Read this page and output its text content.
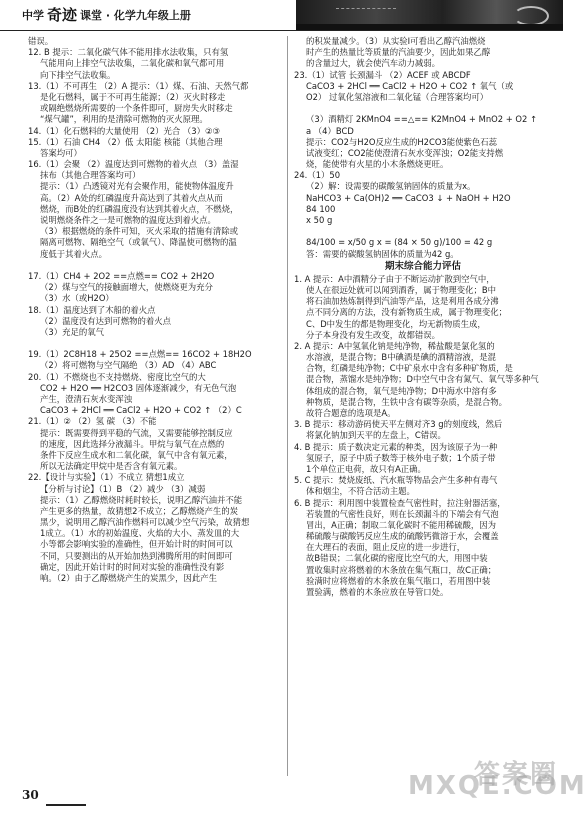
中学 奇迹 课堂 · 化学九年级上册
错误。
12. B 提示：二氧化碳气体不能用排水法收集，只有氢
气能用向上排空气法收集，二氧化碳和氧气都可用
向下排空气法收集。
13.（1）不可再生 （2）A 提示：（1）煤、石油、天然气都
是化石燃料，属于不可再生能源；（2）灭火时移走
或隔绝燃烧所需要的一个条件即可，厨房失火时移走
“煤气罐”，利用的是清除可燃物的灭火原理。
14.（1）化石燃料的大量使用 （2）光合 （3）②③
15.（1）石油 CH4 （2）低 太阳能 核能（其他合理
答案均可）
16.（1）会聚 （2）温度达到可燃物的着火点 （3）盖湿
抹布（其他合理答案均可）
提示：（1）凸透镜对光有会聚作用，能使物体温度升
高。（2）A处的红磷温度升高达到了其着火点从而
燃烧，而B处的红磷温度没有达到其着火点，不燃烧，
说明燃烧条件之一是可燃物的温度达到着火点。
（3）根据燃烧的条件可知，灭火采取的措施有清除或
隔离可燃物、隔绝空气（或氧气）、降温使可燃物的温
度低于其着火点。
17.（1）CH4 + 2O2 ==点燃== CO2 + 2H2O
（2）煤与空气的接触面增大，使燃烧更为充分
（3）水（或H2O）
18.（1）温度达到了木船的着火点
（2）温度没有达到可燃物的着火点
（3）充足的氧气
19.（1）2C8H18 + 25O2 ==点燃== 16CO2 + 18H2O
（2）将可燃物与空气隔绝 （3）AD （4）ABC
20.（1）不燃烧也不支持燃烧、密度比空气的大
CO2 + H2O ══ H2CO3 固体逐渐减少，有无色气泡
产生，澄清石灰水变浑浊
CaCO3 + 2HCl ══ CaCl2 + H2O + CO2 ↑ （2）C
21.（1）② （2）氢 碳 （3）不能
提示：既需要得到平稳的气流，又需要能够控制反应
的速度，因此选择分液漏斗。甲烷与氧气在点燃的
条件下反应生成水和二氧化碳，氧气中含有氧元素，
所以无法确定甲烷中是否含有氧元素。
22.【设计与实验】（1）不成立 猜想1成立
【分析与讨论】（1）B （2）减少 （3）减弱
提示：（1）乙醇燃烧时耗时较长，说明乙醇汽油并不能
产生更多的热量，故猜想2不成立；乙醇燃烧产生的炭
黑少，说明用乙醇汽油作燃料可以减少空气污染，故猜想
1成立。（1）水的初始温度、火焰的大小、蒸发皿的大
小等都会影响实验的准确性，但开始计时的时间可以
不同，只要测出的从开始加热到沸腾所用的时间即可
确定，因此开始计时的时间对实验的准确性没有影
响。（2）由于乙醇燃烧产生的炭黑少，因此产生
的积炭量减少。（3）从实验Ⅰ可看出乙醇汽油燃烧
时产生的热量比等质量的汽油要少，因此如果乙醇
的含量过大，就会使汽车动力减弱。
23.（1）试管 长颈漏斗 （2）ACEF 或 ABCDF
CaCO3 + 2HCl ══ CaCl2 + H2O + CO2 ↑ 氧气（或
O2） 过氧化氢溶液和二氧化锰（合理答案均可）
（3）酒精灯 2KMnO4 ==△== K2MnO4 + MnO2 + O2 ↑
a （4）BCD
提示：CO2与H2O反应生成的H2CO3能使紫色石蕊
试液变红；CO2能使澄清石灰水变浑浊；O2能支持燃
烧，能使带有火星的小木条燃烧更旺。
24.（1）50
（2）解：设需要的碳酸氢钠固体的质量为x。
NaHCO3 + Ca(OH)2 ══ CaCO3 ↓ + NaOH + H2O
84 100
x 50 g
84/100 = x/50 g x = (84 × 50 g)/100 = 42 g
答：需要的碳酸氢钠固体的质量为42 g。
期末综合能力评估
1. A 提示：A中酒精分子由于不断运动扩散到空气中，
使人在很远处就可以闻到酒香，属于物理变化；B中
将石油加热炼制得到汽油等产品，这是利用各成分沸
点不同分离的方法，没有新物质生成，属于物理变化；
C、D中发生的都是物理变化，均无新物质生成，
分子本身没有发生改变，故都错误。
2. A 提示：A中氢氧化钠是纯净物，稀盐酸是氯化氢的
水溶液，是混合物；B中碘酒是碘的酒精溶液，是混
合物，红磷是纯净物；C中矿泉水中含有多种矿物质，是
混合物，蒸馏水是纯净物；D中空气中含有氮气、氧气等多种气
体组成的混合物，氧气是纯净物；D中海水中溶有多
种物质，是混合物，生铁中含有碳等杂质，是混合物。
故符合题意的选项是A。
3. B 提示：移动游码使天平左侧对齐3 g的刻度线，然后
将氯化钠加到天平的左盘上，C错误。
4. B 提示：质子数决定元素的种类，因为该原子为一种
氢原子，原子中质子数等于核外电子数；1个质子带
1个单位正电荷，故只有A正确。
5. C 提示：焚烧废纸、汽水瓶等物品会产生多种有毒气
体和烟尘，不符合活动主题。
6. B 提示：利用图中装置检查气密性时，拉注射器活塞，
若装置的气密性良好，则在长颈漏斗的下端会有气泡
冒出，A正确；制取二氧化碳时不能用稀硫酸，因为
稀硫酸与碳酸钙反应生成的硫酸钙微溶于水，会覆盖
在大理石的表面，阻止反应的进一步进行，
故B错误；二氧化碳的密度比空气的大，用图中装
置收集时应将燃着的木条放在集气瓶口，故C正确；
验满时应将燃着的木条放在集气瓶口，若用图中装
置验满，燃着的木条应放在导管口处。
30
答案圈 MXQE.COM
